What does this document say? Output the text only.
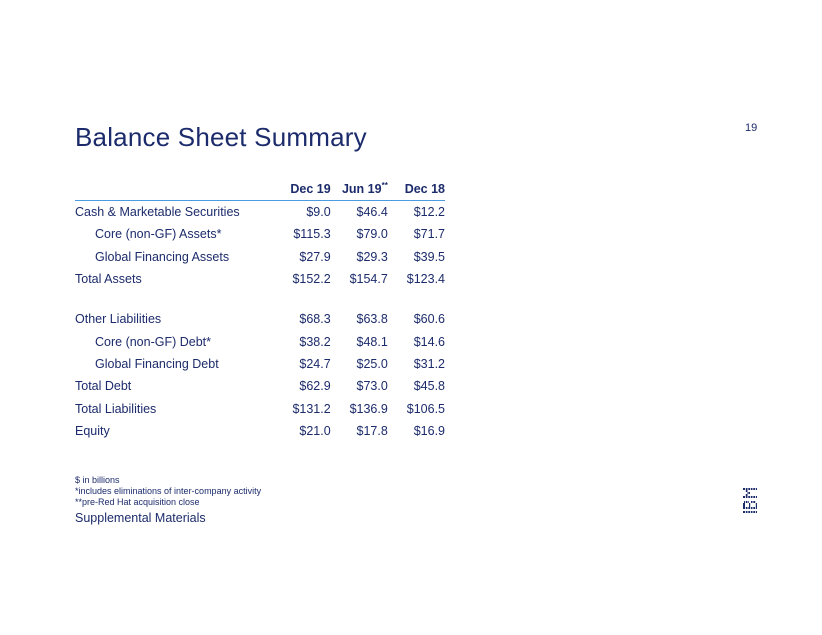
19
Balance Sheet Summary
	Dec 19	Jun 19**	Dec 18
Cash & Marketable Securities	$9.0	$46.4	$12.2
Core (non-GF) Assets*	$115.3	$79.0	$71.7
Global Financing Assets	$27.9	$29.3	$39.5
Total Assets	$152.2	$154.7	$123.4

Other Liabilities	$68.3	$63.8	$60.6
Core (non-GF) Debt*	$38.2	$48.1	$14.6
Global Financing Debt	$24.7	$25.0	$31.2
Total Debt	$62.9	$73.0	$45.8
Total Liabilities	$131.2	$136.9	$106.5
Equity	$21.0	$17.8	$16.9
$ in billions
*includes eliminations of inter-company activity
**pre-Red Hat acquisition close
Supplemental Materials
